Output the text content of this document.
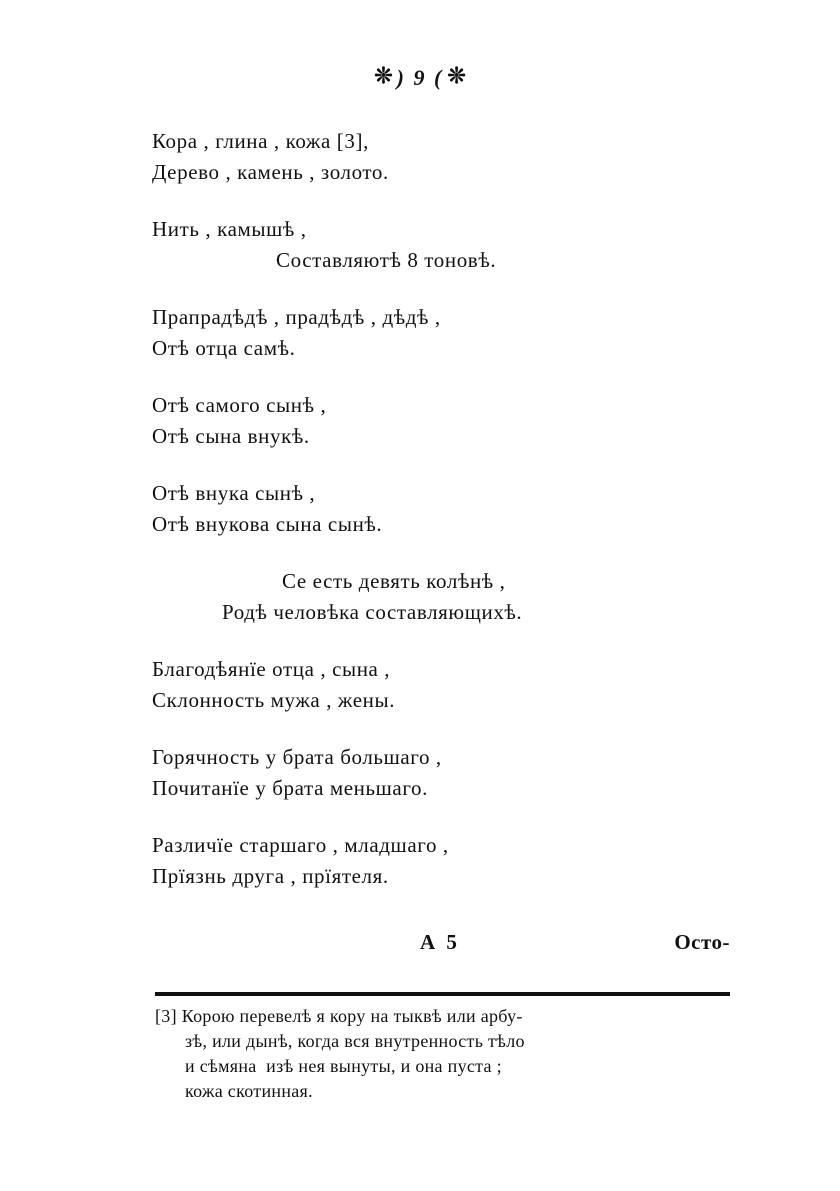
❊ ) 9 ( ❊
Кора , глина , кожа [3],
Дерево , камень , золото.
Нить , камышѣ ,
Составляютѣ 8 тоновѣ.
Прапрадѣдѣ , прадѣдѣ , дѣдѣ ,
Отѣ отца самѣ.
Отѣ самого сынѣ ,
Отѣ сына внукѣ.
Отѣ внука сынѣ ,
Отѣ внукова сына сынѣ.
Се есть девять колѣнѣ ,
Родѣ человѣка составляющихѣ.
Благодѣянїе отца , сына ,
Склонность мужа , жены.
Горячность у брата большаго ,
Почитанїе у брата меньшаго.
Различїе старшаго , младшаго ,
Прїязнь друга , прїятеля.
А 5	Осто-
[3] Корою перевелѣ я кору на тыквѣ или арбу-
зѣ, или дынѣ, когда вся внутренность тѣло
и сѣмяна  изѣ нея вынуты, и она пуста ;
кожа скотинная.
